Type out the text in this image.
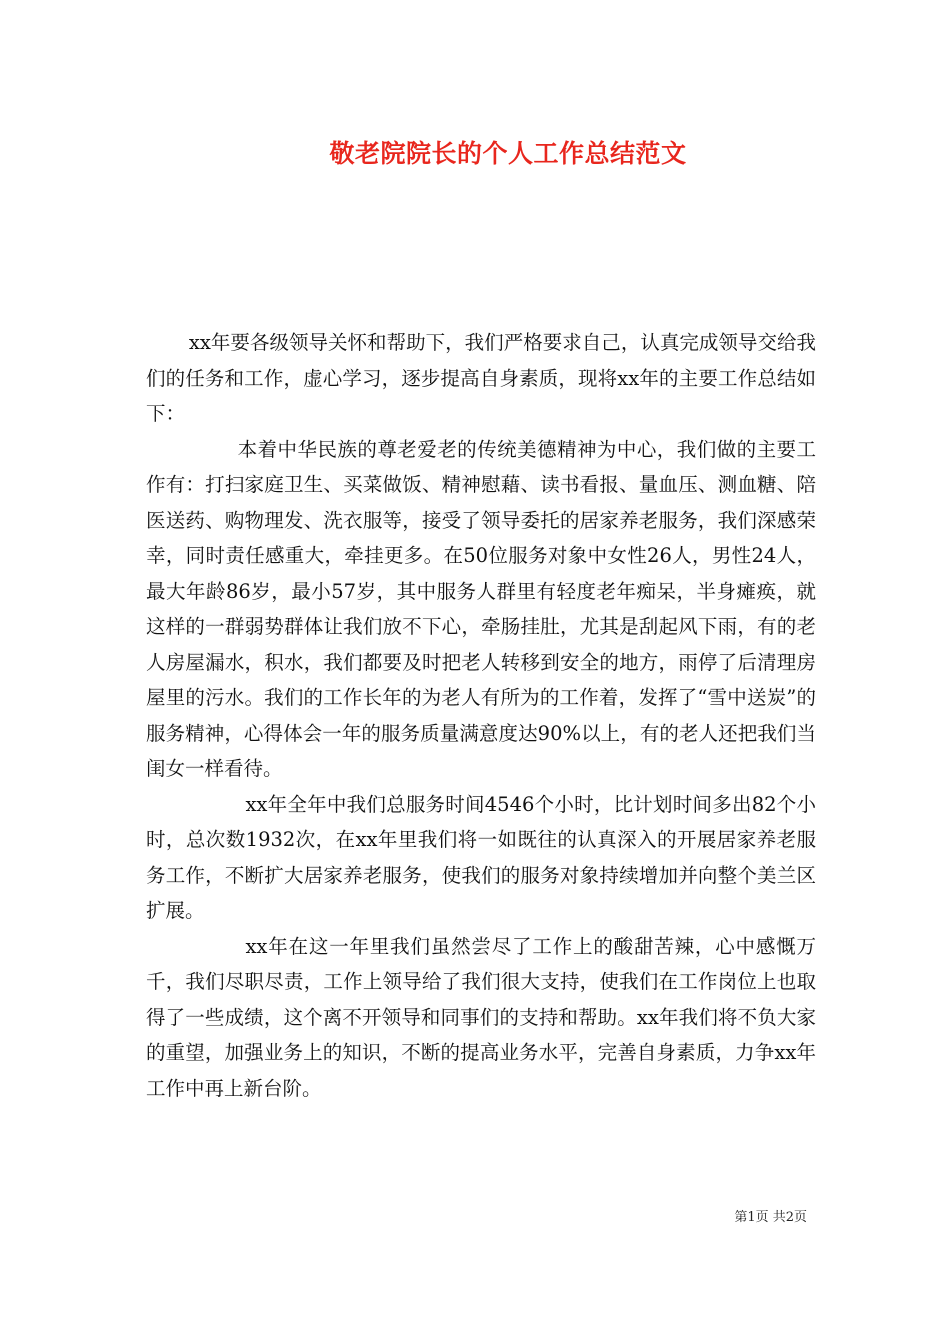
敬老院院长的个人工作总结范文

xx年要各级领导关怀和帮助下，我们严格要求自己，认真完成领导交给我们的任务和工作，虚心学习，逐步提高自身素质，现将xx年的主要工作总结如下：

本着中华民族的尊老爱老的传统美德精神为中心，我们做的主要工作有：打扫家庭卫生、买菜做饭、精神慰藉、读书看报、量血压、测血糖、陪医送药、购物理发、洗衣服等，接受了领导委托的居家养老服务，我们深感荣幸，同时责任感重大，牵挂更多。在50位服务对象中女性26人，男性24人，最大年龄86岁，最小57岁，其中服务人群里有轻度老年痴呆，半身瘫痪，就这样的一群弱势群体让我们放不下心，牵肠挂肚，尤其是刮起风下雨，有的老人房屋漏水，积水，我们都要及时把老人转移到安全的地方，雨停了后清理房屋里的污水。我们的工作长年的为老人有所为的工作着，发挥了“雪中送炭”的服务精神，心得体会一年的服务质量满意度达90%以上，有的老人还把我们当闺女一样看待。

xx年全年中我们总服务时间4546个小时，比计划时间多出82个小时，总次数1932次，在xx年里我们将一如既往的认真深入的开展居家养老服务工作，不断扩大居家养老服务，使我们的服务对象持续增加并向整个美兰区扩展。

xx年在这一年里我们虽然尝尽了工作上的酸甜苦辣，心中感慨万千，我们尽职尽责，工作上领导给了我们很大支持，使我们在工作岗位上也取得了一些成绩，这个离不开领导和同事们的支持和帮助。xx年我们将不负大家的重望，加强业务上的知识，不断的提高业务水平，完善自身素质，力争xx年工作中再上新台阶。

第1页 共2页
